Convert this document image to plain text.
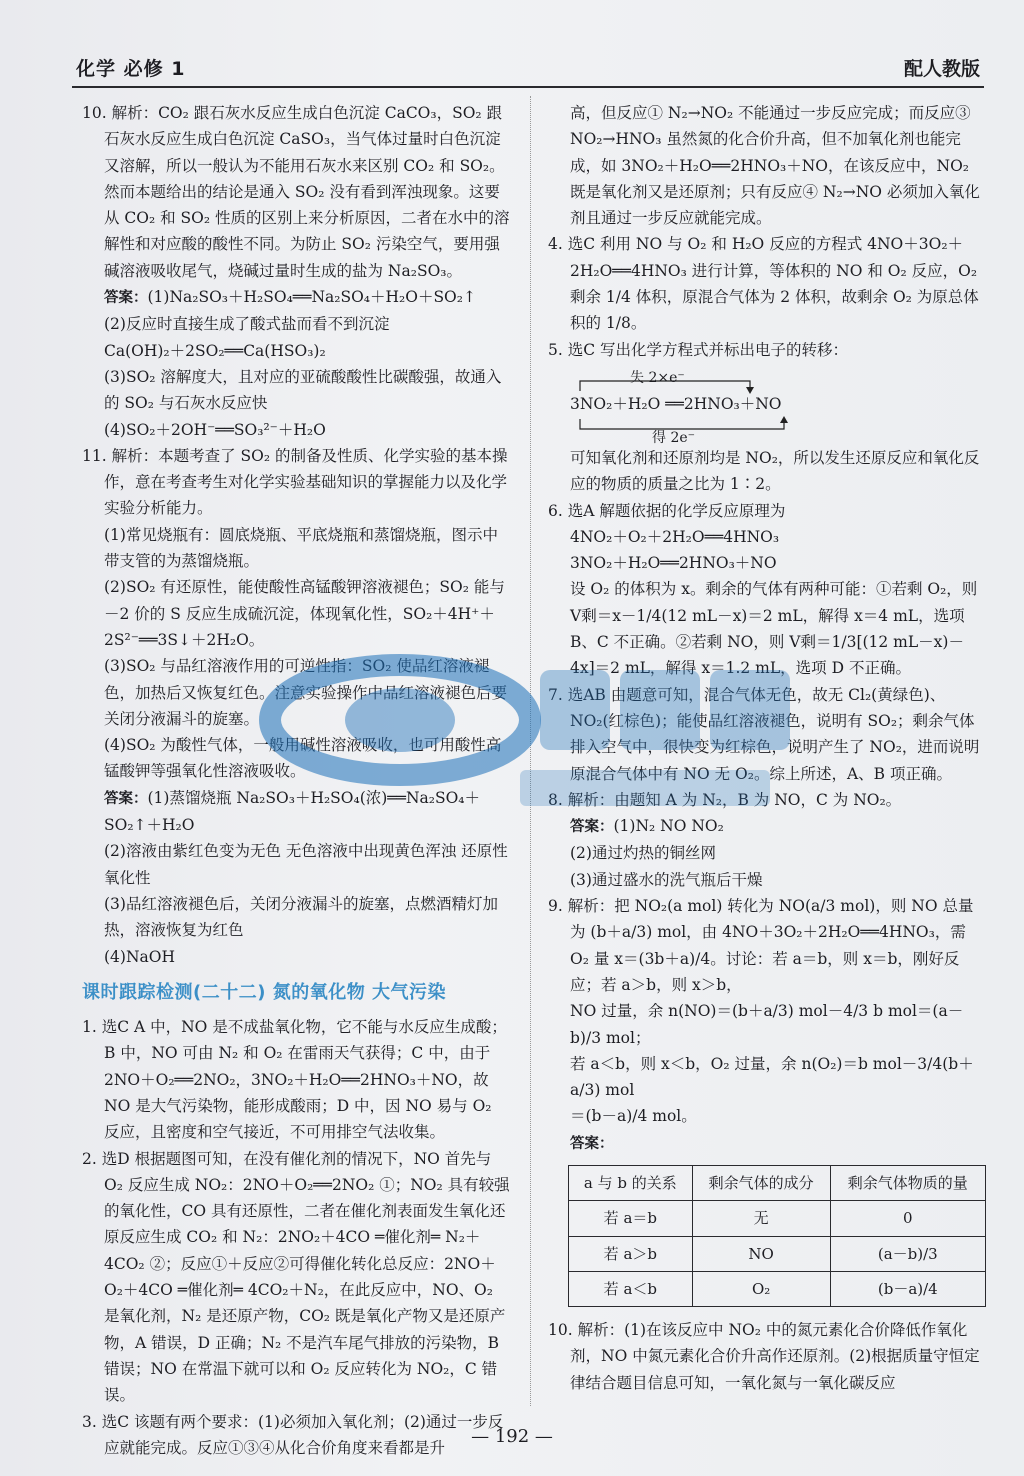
化学 必修 1	配人教版

10. 解析：CO₂ 跟石灰水反应生成白色沉淀 CaCO₃，SO₂ 跟石灰水反应生成白色沉淀 CaSO₃，当气体过量时白色沉淀又溶解，所以一般认为不能用石灰水来区别 CO₂ 和 SO₂。然而本题给出的结论是通入 SO₂ 没有看到浑浊现象。这要从 CO₂ 和 SO₂ 性质的区别上来分析原因，二者在水中的溶解性和对应酸的酸性不同。为防止 SO₂ 污染空气，要用强碱溶液吸收尾气，烧碱过量时生成的盐为 Na₂SO₃。

答案：(1)Na₂SO₃＋H₂SO₄══Na₂SO₄＋H₂O＋SO₂↑

(2)反应时直接生成了酸式盐而看不到沉淀

Ca(OH)₂＋2SO₂══Ca(HSO₃)₂

(3)SO₂ 溶解度大，且对应的亚硫酸酸性比碳酸强，故通入的 SO₂ 与石灰水反应快

(4)SO₂＋2OH⁻══SO₃²⁻＋H₂O

11. 解析：本题考查了 SO₂ 的制备及性质、化学实验的基本操作，意在考查考生对化学实验基础知识的掌握能力以及化学实验分析能力。

(1)常见烧瓶有：圆底烧瓶、平底烧瓶和蒸馏烧瓶，图示中带支管的为蒸馏烧瓶。

(2)SO₂ 有还原性，能使酸性高锰酸钾溶液褪色；SO₂ 能与－2 价的 S 反应生成硫沉淀，体现氧化性，SO₂＋4H⁺＋2S²⁻══3S↓＋2H₂O。

(3)SO₂ 与品红溶液作用的可逆性指：SO₂ 使品红溶液褪色，加热后又恢复红色。注意实验操作中品红溶液褪色后要关闭分液漏斗的旋塞。

(4)SO₂ 为酸性气体，一般用碱性溶液吸收，也可用酸性高锰酸钾等强氧化性溶液吸收。

答案：(1)蒸馏烧瓶 Na₂SO₃＋H₂SO₄(浓)══Na₂SO₄＋SO₂↑＋H₂O

(2)溶液由紫红色变为无色 无色溶液中出现黄色浑浊 还原性 氧化性

(3)品红溶液褪色后，关闭分液漏斗的旋塞，点燃酒精灯加热，溶液恢复为红色

(4)NaOH

课时跟踪检测(二十二) 氮的氧化物 大气污染

1. 选C A 中，NO 是不成盐氧化物，它不能与水反应生成酸；B 中，NO 可由 N₂ 和 O₂ 在雷雨天气获得；C 中，由于 2NO＋O₂══2NO₂，3NO₂＋H₂O══2HNO₃＋NO，故 NO 是大气污染物，能形成酸雨；D 中，因 NO 易与 O₂ 反应，且密度和空气接近，不可用排空气法收集。

2. 选D 根据题图可知，在没有催化剂的情况下，NO 首先与 O₂ 反应生成 NO₂：2NO＋O₂══2NO₂ ①；NO₂ 具有较强的氧化性，CO 具有还原性，二者在催化剂表面发生氧化还原反应生成 CO₂ 和 N₂：2NO₂＋4CO ═催化剂═ N₂＋4CO₂ ②；反应①＋反应②可得催化转化总反应：2NO＋O₂＋4CO ═催化剂═ 4CO₂＋N₂，在此反应中，NO、O₂ 是氧化剂，N₂ 是还原产物，CO₂ 既是氧化产物又是还原产物，A 错误，D 正确；N₂ 不是汽车尾气排放的污染物，B 错误；NO 在常温下就可以和 O₂ 反应转化为 NO₂，C 错误。

3. 选C 该题有两个要求：(1)必须加入氧化剂；(2)通过一步反应就能完成。反应①③④从化合价角度来看都是升

高，但反应① N₂→NO₂ 不能通过一步反应完成；而反应③ NO₂→HNO₃ 虽然氮的化合价升高，但不加氧化剂也能完成，如 3NO₂＋H₂O══2HNO₃＋NO，在该反应中，NO₂ 既是氧化剂又是还原剂；只有反应④ N₂→NO 必须加入氧化剂且通过一步反应就能完成。

4. 选C 利用 NO 与 O₂ 和 H₂O 反应的方程式 4NO＋3O₂＋2H₂O══4HNO₃ 进行计算，等体积的 NO 和 O₂ 反应，O₂ 剩余 1/4 体积，原混合气体为 2 体积，故剩余 O₂ 为原总体积的 1/8。

5. 选C 写出化学方程式并标出电子的转移：

失 2×e⁻
3NO₂＋H₂O ══2HNO₃＋NO
得 2e⁻

可知氧化剂和还原剂均是 NO₂，所以发生还原反应和氧化反应的物质的质量之比为 1∶2。

6. 选A 解题依据的化学反应原理为

4NO₂＋O₂＋2H₂O══4HNO₃

3NO₂＋H₂O══2HNO₃＋NO

设 O₂ 的体积为 x。剩余的气体有两种可能：①若剩 O₂，则 V剩＝x－1/4(12 mL－x)＝2 mL，解得 x＝4 mL，选项 B、C 不正确。②若剩 NO，则 V剩＝1/3[(12 mL－x)－4x]＝2 mL，解得 x＝1.2 mL，选项 D 不正确。

7. 选AB 由题意可知，混合气体无色，故无 Cl₂(黄绿色)、NO₂(红棕色)；能使品红溶液褪色，说明有 SO₂；剩余气体排入空气中，很快变为红棕色，说明产生了 NO₂，进而说明原混合气体中有 NO 无 O₂。综上所述，A、B 项正确。

8. 解析：由题知 A 为 N₂，B 为 NO，C 为 NO₂。

答案：(1)N₂ NO NO₂

(2)通过灼热的铜丝网

(3)通过盛水的洗气瓶后干燥

9. 解析：把 NO₂(a mol) 转化为 NO(a/3 mol)，则 NO 总量为 (b＋a/3) mol，由 4NO＋3O₂＋2H₂O══4HNO₃，需 O₂ 量 x＝(3b＋a)/4。讨论：若 a＝b，则 x＝b，刚好反应；若 a＞b，则 x＞b，

NO 过量，余 n(NO)＝(b＋a/3) mol－4/3 b mol＝(a－b)/3 mol；

若 a＜b，则 x＜b，O₂ 过量，余 n(O₂)＝b mol－3/4(b＋a/3) mol

＝(b－a)/4 mol。

答案：

a 与 b 的关系	剩余气体的成分	剩余气体物质的量
若 a＝b	无	0
若 a＞b	NO	(a－b)/3
若 a＜b	O₂	(b－a)/4

10. 解析：(1)在该反应中 NO₂ 中的氮元素化合价降低作氧化剂，NO 中氮元素化合价升高作还原剂。(2)根据质量守恒定律结合题目信息可知，一氧化氮与一氧化碳反应

— 192 —
